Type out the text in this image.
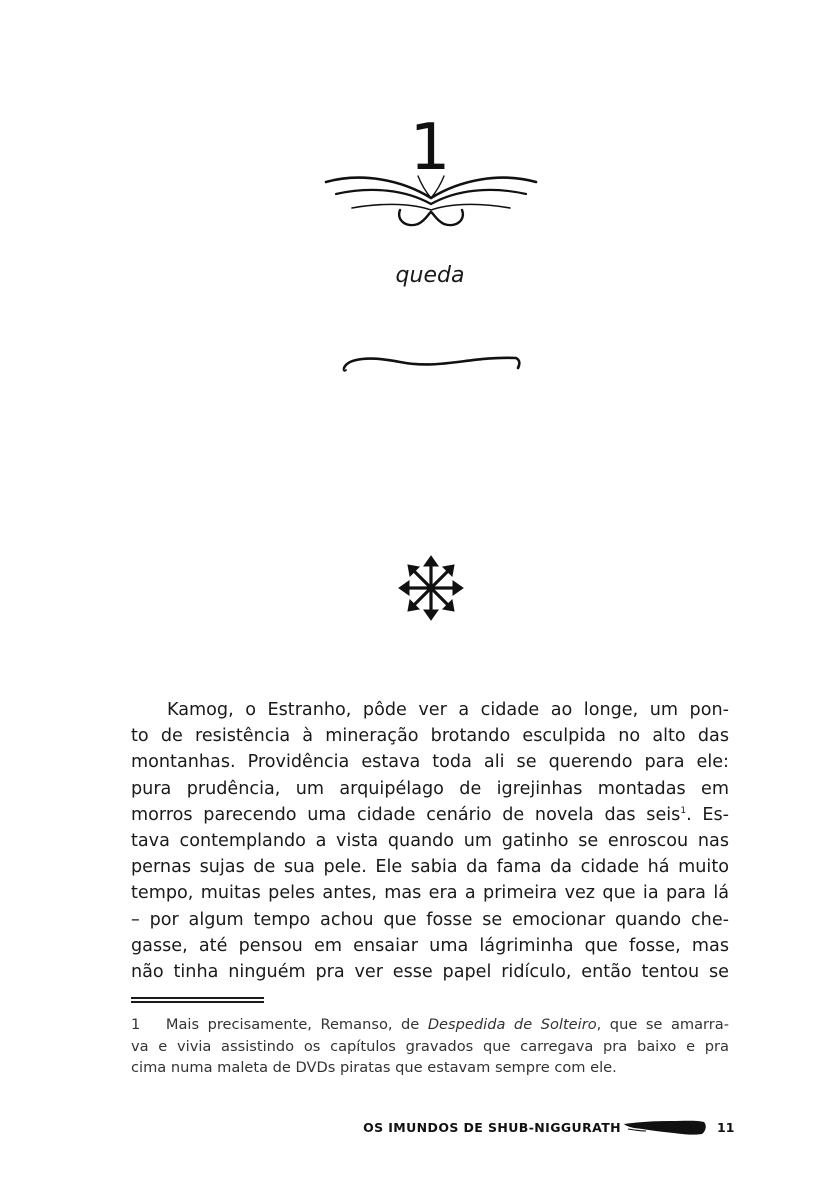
1
queda
Kamog, o Estranho, pôde ver a cidade ao longe, um pon-
to de resistência à mineração brotando esculpida no alto das
montanhas. Providência estava toda ali se querendo para ele:
pura prudência, um arquipélago de igrejinhas montadas em
morros parecendo uma cidade cenário de novela das seis$^1$. Es-
tava contemplando a vista quando um gatinho se enroscou nas
pernas sujas de sua pele. Ele sabia da fama da cidade há muito
tempo, muitas peles antes, mas era a primeira vez que ia para lá
– por algum tempo achou que fosse se emocionar quando che-
gasse, até pensou em ensaiar uma lágriminha que fosse, mas
não tinha ninguém pra ver esse papel ridículo, então tentou se
1 Mais precisamente, Remanso, de Despedida de Solteiro, que se amarra-
va e vivia assistindo os capítulos gravados que carregava pra baixo e pra
cima numa maleta de DVDs piratas que estavam sempre com ele.
OS IMUNDOS DE SHUB-NIGGURATH	11
